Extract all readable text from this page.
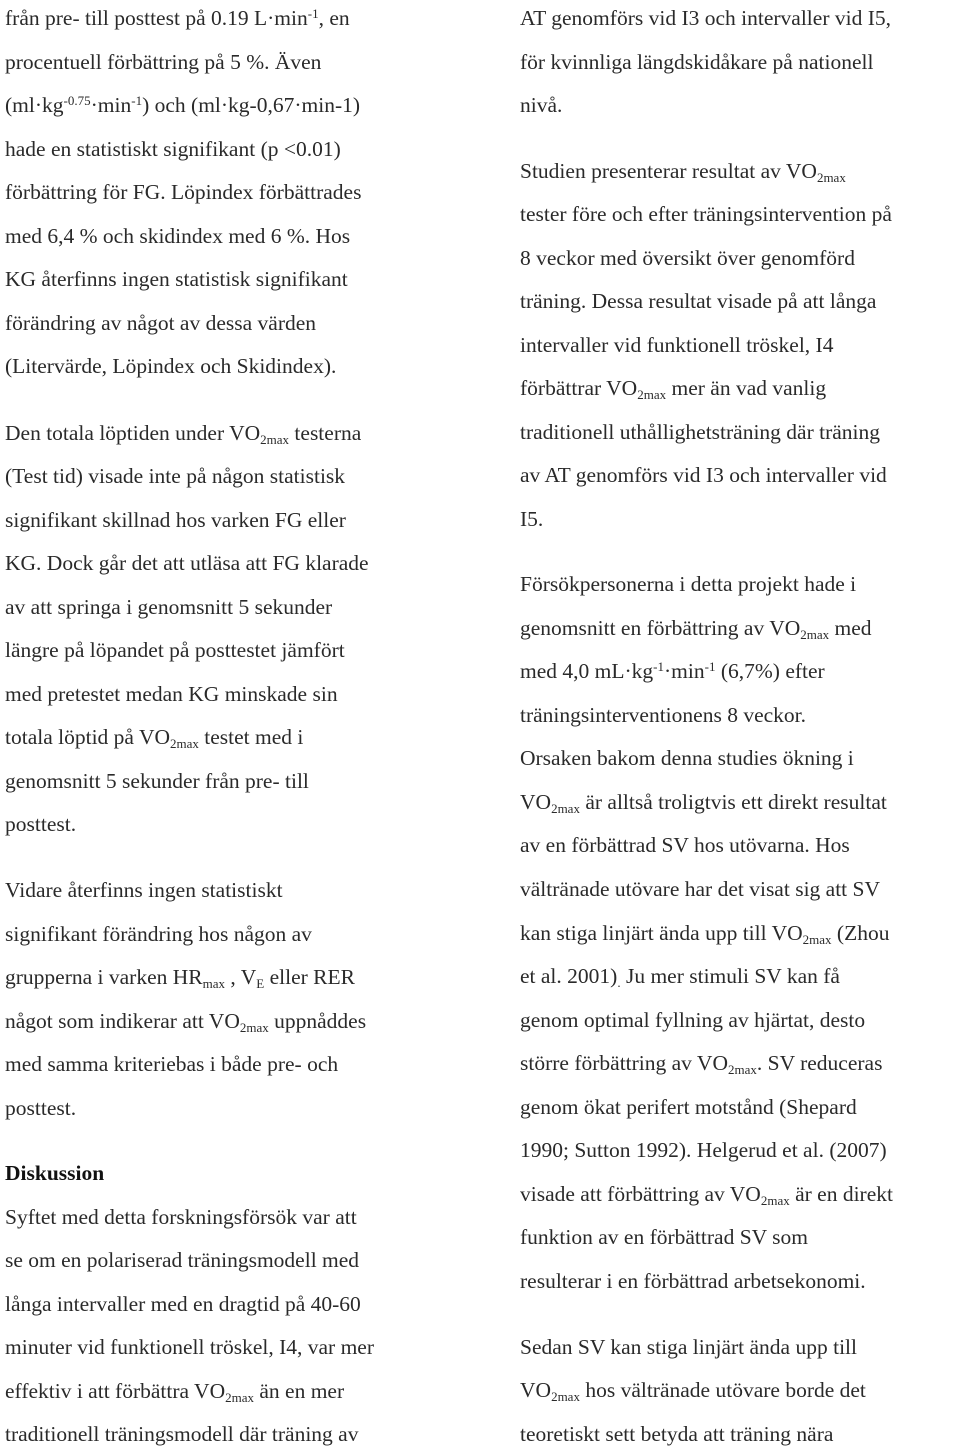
från pre- till posttest på 0.19 $L\cdot\min^{-1}$, en
procentuell förbättring på 5 %. Även
$(ml\cdot kg^{-0.75}\cdot\min^{-1})$ och (ml·kg-0,67·min-1)
hade en statistiskt signifikant (p <0.01)
förbättring för FG. Löpindex förbättrades
med 6,4 % och skidindex med 6 %. Hos
KG återfinns ingen statistisk signifikant
förändring av något av dessa värden
(Litervärde, Löpindex och Skidindex).
Den totala löptiden under $VO_{2max}$ testerna
(Test tid) visade inte på någon statistisk
signifikant skillnad hos varken FG eller
KG. Dock går det att utläsa att FG klarade
av att springa i genomsnitt 5 sekunder
längre på löpandet på posttestet jämfört
med pretestet medan KG minskade sin
totala löptid på $VO_{2max}$ testet med i
genomsnitt 5 sekunder från pre- till
posttest.
Vidare återfinns ingen statistiskt
signifikant förändring hos någon av
grupperna i varken $HR_{max}$ , $V_E$ eller RER
något som indikerar att $VO_{2max}$ uppnåddes
med samma kriteriebas i både pre- och
posttest.
Diskussion
Syftet med detta forskningsförsök var att
se om en polariserad träningsmodell med
långa intervaller med en dragtid på 40-60
minuter vid funktionell tröskel, I4, var mer
effektiv i att förbättra $VO_{2max}$ än en mer
traditionell träningsmodell där träning av
AT genomförs vid I3 och intervaller vid I5,
för kvinnliga längdskidåkare på nationell
nivå.
Studien presenterar resultat av $VO_{2max}$
tester före och efter träningsintervention på
8 veckor med översikt över genomförd
träning. Dessa resultat visade på att långa
intervaller vid funktionell tröskel, I4
förbättrar $VO_{2max}$ mer än vad vanlig
traditionell uthållighetsträning där träning
av AT genomförs vid I3 och intervaller vid
I5.
Försökpersonerna i detta projekt hade i
genomsnitt en förbättring av $VO_{2max}$ med
med 4,0 $mL\cdot kg^{-1}\cdot\min^{-1}$ (6,7%) efter
träningsinterventionens 8 veckor.
Orsaken bakom denna studies ökning i
$VO_{2max}$ är alltså troligtvis ett direkt resultat
av en förbättrad SV hos utövarna. Hos
vältränade utövare har det visat sig att SV
kan stiga linjärt ända upp till $VO_{2max}$ (Zhou
et al. $2001)_.$ Ju mer stimuli SV kan få
genom optimal fyllning av hjärtat, desto
större förbättring av $VO_{2max}$. SV reduceras
genom ökat perifert motstånd (Shepard
1990; Sutton 1992). Helgerud et al. (2007)
visade att förbättring av $VO_{2max}$ är en direkt
funktion av en förbättrad SV som
resulterar i en förbättrad arbetsekonomi.
Sedan SV kan stiga linjärt ända upp till
$VO_{2max}$ hos vältränade utövare borde det
teoretiskt sett betyda att träning nära
